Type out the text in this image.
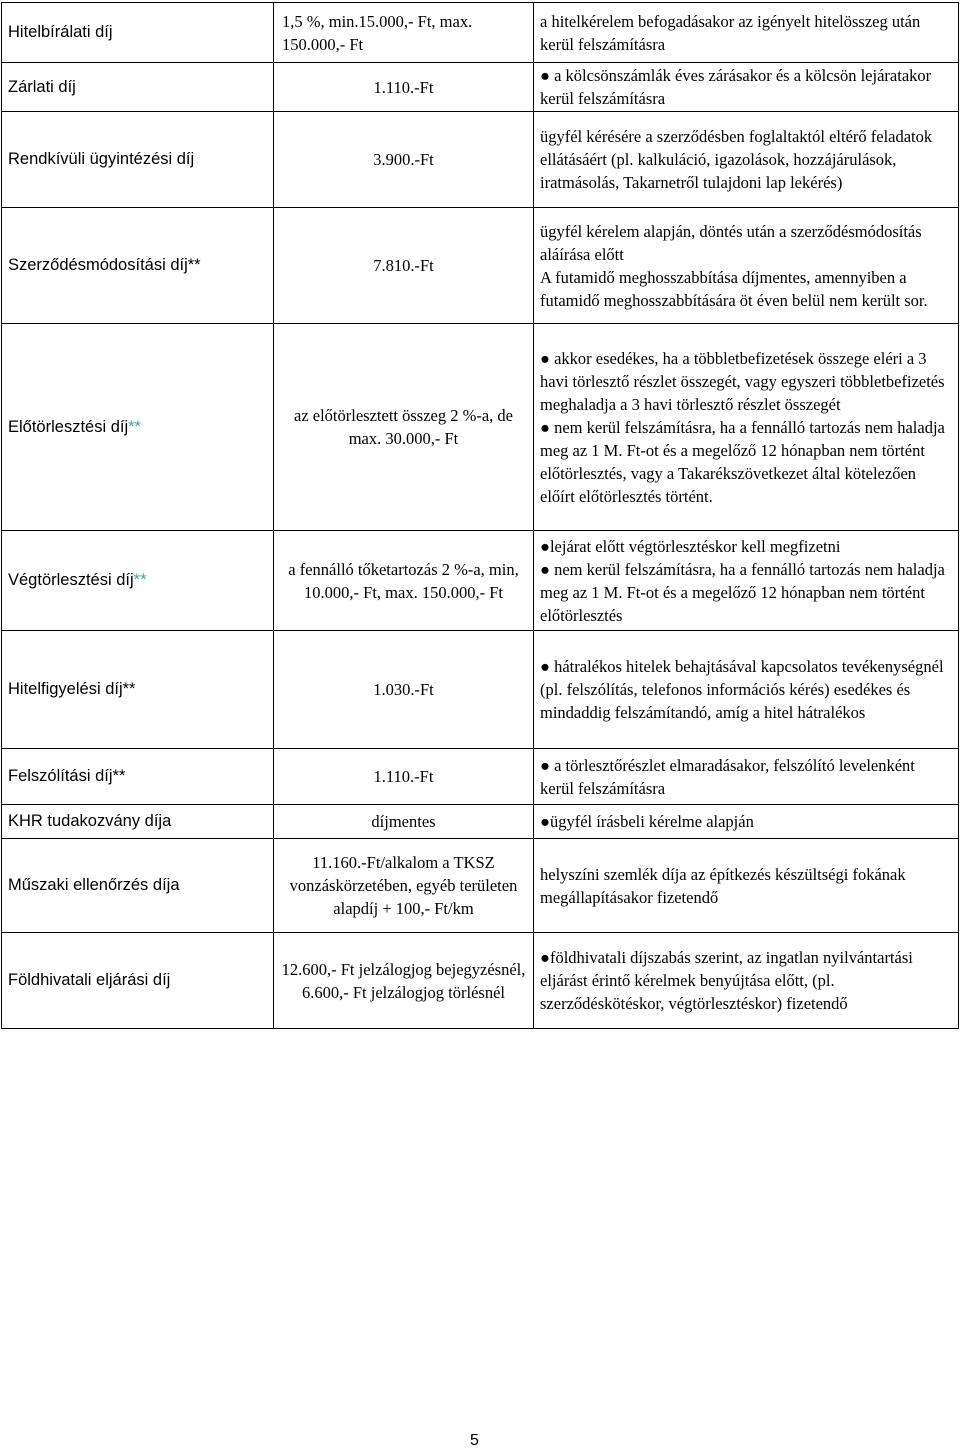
Hitelbírálati díj	1,5 %, min.15.000,- Ft, max. 150.000,- Ft	a hitelkérelem befogadásakor az igényelt hitelösszeg után kerül felszámításra

Zárlati díj	1.110.-Ft	● a kölcsönszámlák éves zárásakor és a kölcsön lejáratakor kerül felszámításra

Rendkívüli ügyintézési díj	3.900.-Ft	ügyfél kérésére a szerződésben foglaltaktól eltérő feladatok ellátásáért (pl. kalkuláció, igazolások, hozzájárulások, iratmásolás, Takarnetről tulajdoni lap lekérés)

Szerződésmódosítási díj**	7.810.-Ft	ügyfél kérelem alapján, döntés után a szerződésmódosítás aláírása előtt
A futamidő meghosszabbítása díjmentes, amennyiben a futamidő meghosszabbítására öt éven belül nem került sor.

Előtörlesztési díj**	az előtörlesztett összeg 2 %-a, de max. 30.000,- Ft	● akkor esedékes, ha a többletbefizetések összege eléri a 3 havi törlesztő részlet összegét, vagy egyszeri többletbefizetés meghaladja a 3 havi törlesztő részlet összegét
● nem kerül felszámításra, ha a fennálló tartozás nem haladja meg az 1 M. Ft-ot és a megelőző 12 hónapban nem történt előtörlesztés, vagy a Takarékszövetkezet által kötelezően előírt előtörlesztés történt.

Végtörlesztési díj**	a fennálló tőketartozás 2 %-a, min, 10.000,- Ft, max. 150.000,- Ft	●lejárat előtt végtörlesztéskor kell megfizetni
● nem kerül felszámításra, ha a fennálló tartozás nem haladja meg az 1 M. Ft-ot és a megelőző 12 hónapban nem történt előtörlesztés

Hitelfigyelési díj**	1.030.-Ft	● hátralékos hitelek behajtásával kapcsolatos tevékenységnél (pl. felszólítás, telefonos információs kérés) esedékes és mindaddig felszámítandó, amíg a hitel hátralékos

Felszólítási díj**	1.110.-Ft	● a törlesztőrészlet elmaradásakor, felszólító levelenként kerül felszámításra

KHR tudakozvány díja	díjmentes	●ügyfél írásbeli kérelme alapján

Műszaki ellenőrzés díja	11.160.-Ft/alkalom a TKSZ vonzáskörzetében, egyéb területen alapdíj + 100,- Ft/km	helyszíni szemlék díja az építkezés készültségi fokának megállapításakor fizetendő

Földhivatali eljárási díj	12.600,- Ft jelzálogjog bejegyzésnél, 6.600,- Ft jelzálogjog törlésnél	●földhivatali díjszabás szerint, az ingatlan nyilvántartási eljárást érintő kérelmek benyújtása előtt, (pl. szerződéskötéskor, végtörlesztéskor) fizetendő
5
